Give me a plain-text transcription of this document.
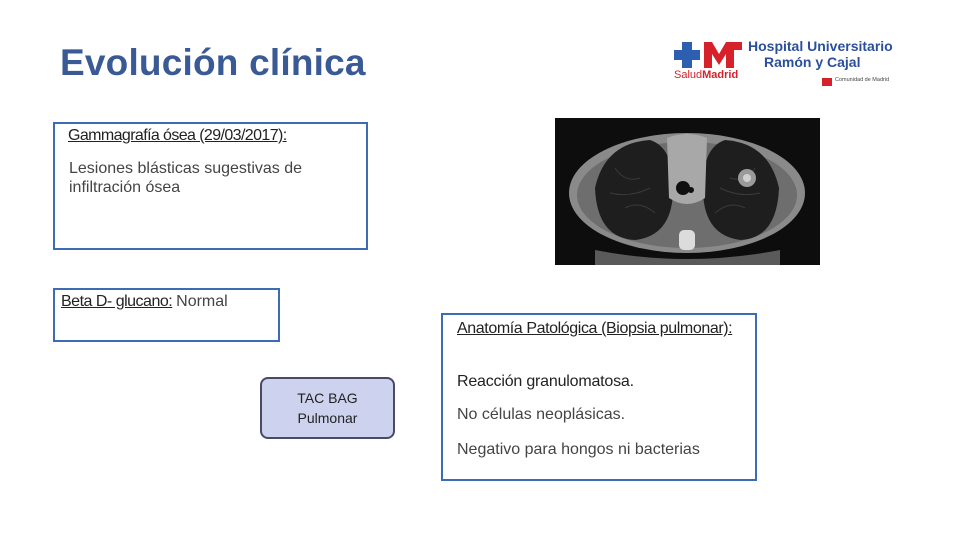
Evolución clínica	SaludMadrid
Hospital Universitario
Ramón y Cajal
Comunidad de Madrid
Gammagrafía ósea (29/03/2017):
Lesiones blásticas sugestivas de infiltración ósea
Beta D- glucano: Normal
TAC BAG
Pulmonar
Anatomía Patológica (Biopsia pulmonar):
Reacción granulomatosa.
No células neoplásicas.
Negativo para hongos ni bacterias
